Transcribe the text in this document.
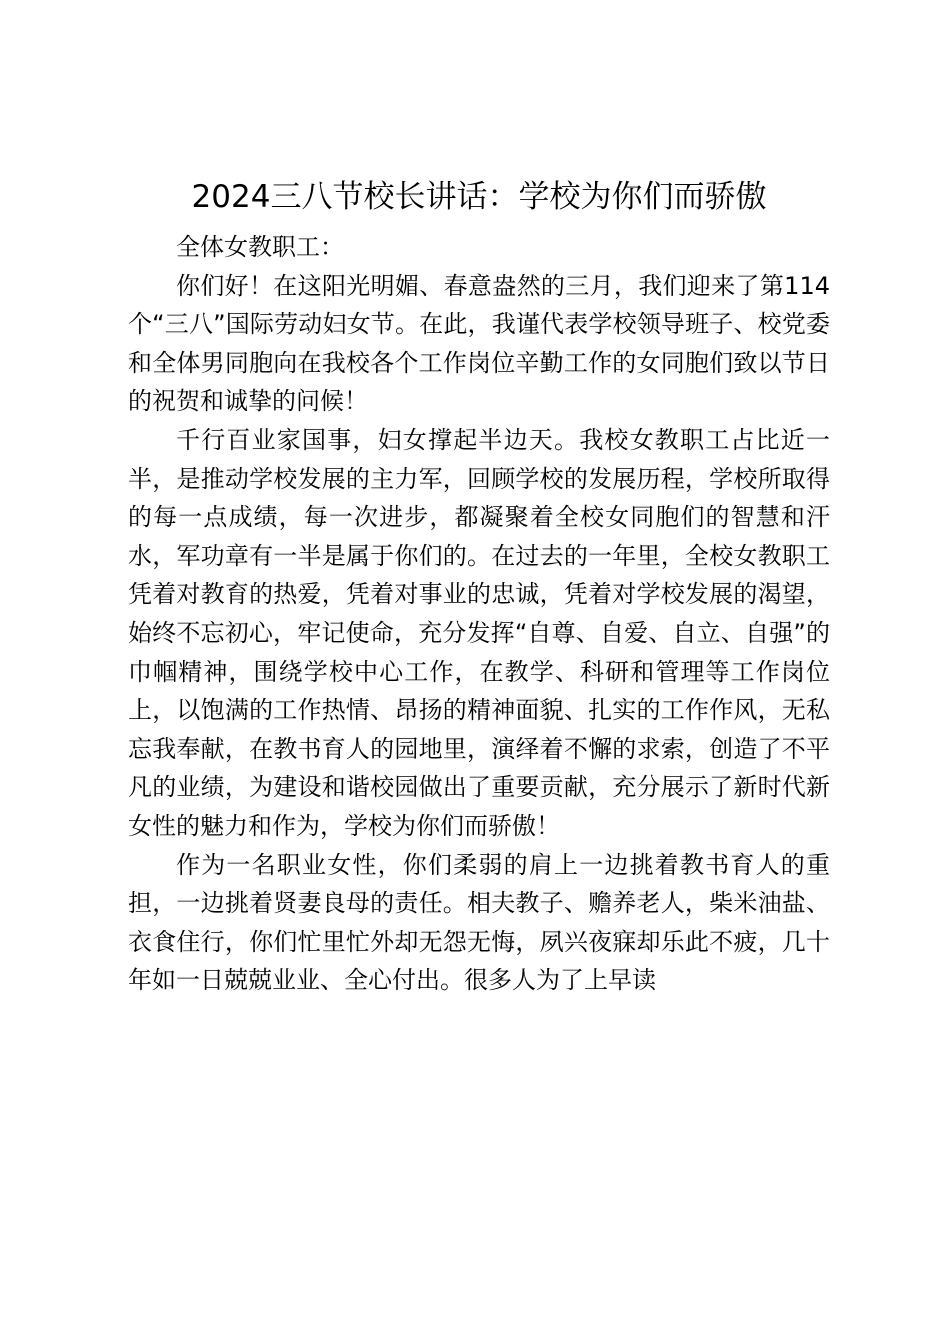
2024三八节校长讲话：学校为你们而骄傲

全体女教职工：

你们好！在这阳光明媚、春意盎然的三月，我们迎来了第114个“三八”国际劳动妇女节。在此，我谨代表学校领导班子、校党委和全体男同胞向在我校各个工作岗位辛勤工作的女同胞们致以节日的祝贺和诚挚的问候！

千行百业家国事，妇女撑起半边天。我校女教职工占比近一半，是推动学校发展的主力军，回顾学校的发展历程，学校所取得的每一点成绩，每一次进步，都凝聚着全校女同胞们的智慧和汗水，军功章有一半是属于你们的。在过去的一年里，全校女教职工凭着对教育的热爱，凭着对事业的忠诚，凭着对学校发展的渴望，始终不忘初心，牢记使命，充分发挥“自尊、自爱、自立、自强”的巾帼精神，围绕学校中心工作，在教学、科研和管理等工作岗位上，以饱满的工作热情、昂扬的精神面貌、扎实的工作作风，无私忘我奉献，在教书育人的园地里，演绎着不懈的求索，创造了不平凡的业绩，为建设和谐校园做出了重要贡献，充分展示了新时代新女性的魅力和作为，学校为你们而骄傲！

作为一名职业女性，你们柔弱的肩上一边挑着教书育人的重担，一边挑着贤妻良母的责任。相夫教子、赡养老人，柴米油盐、衣食住行，你们忙里忙外却无怨无悔，夙兴夜寐却乐此不疲，几十年如一日兢兢业业、全心付出。很多人为了上早读
